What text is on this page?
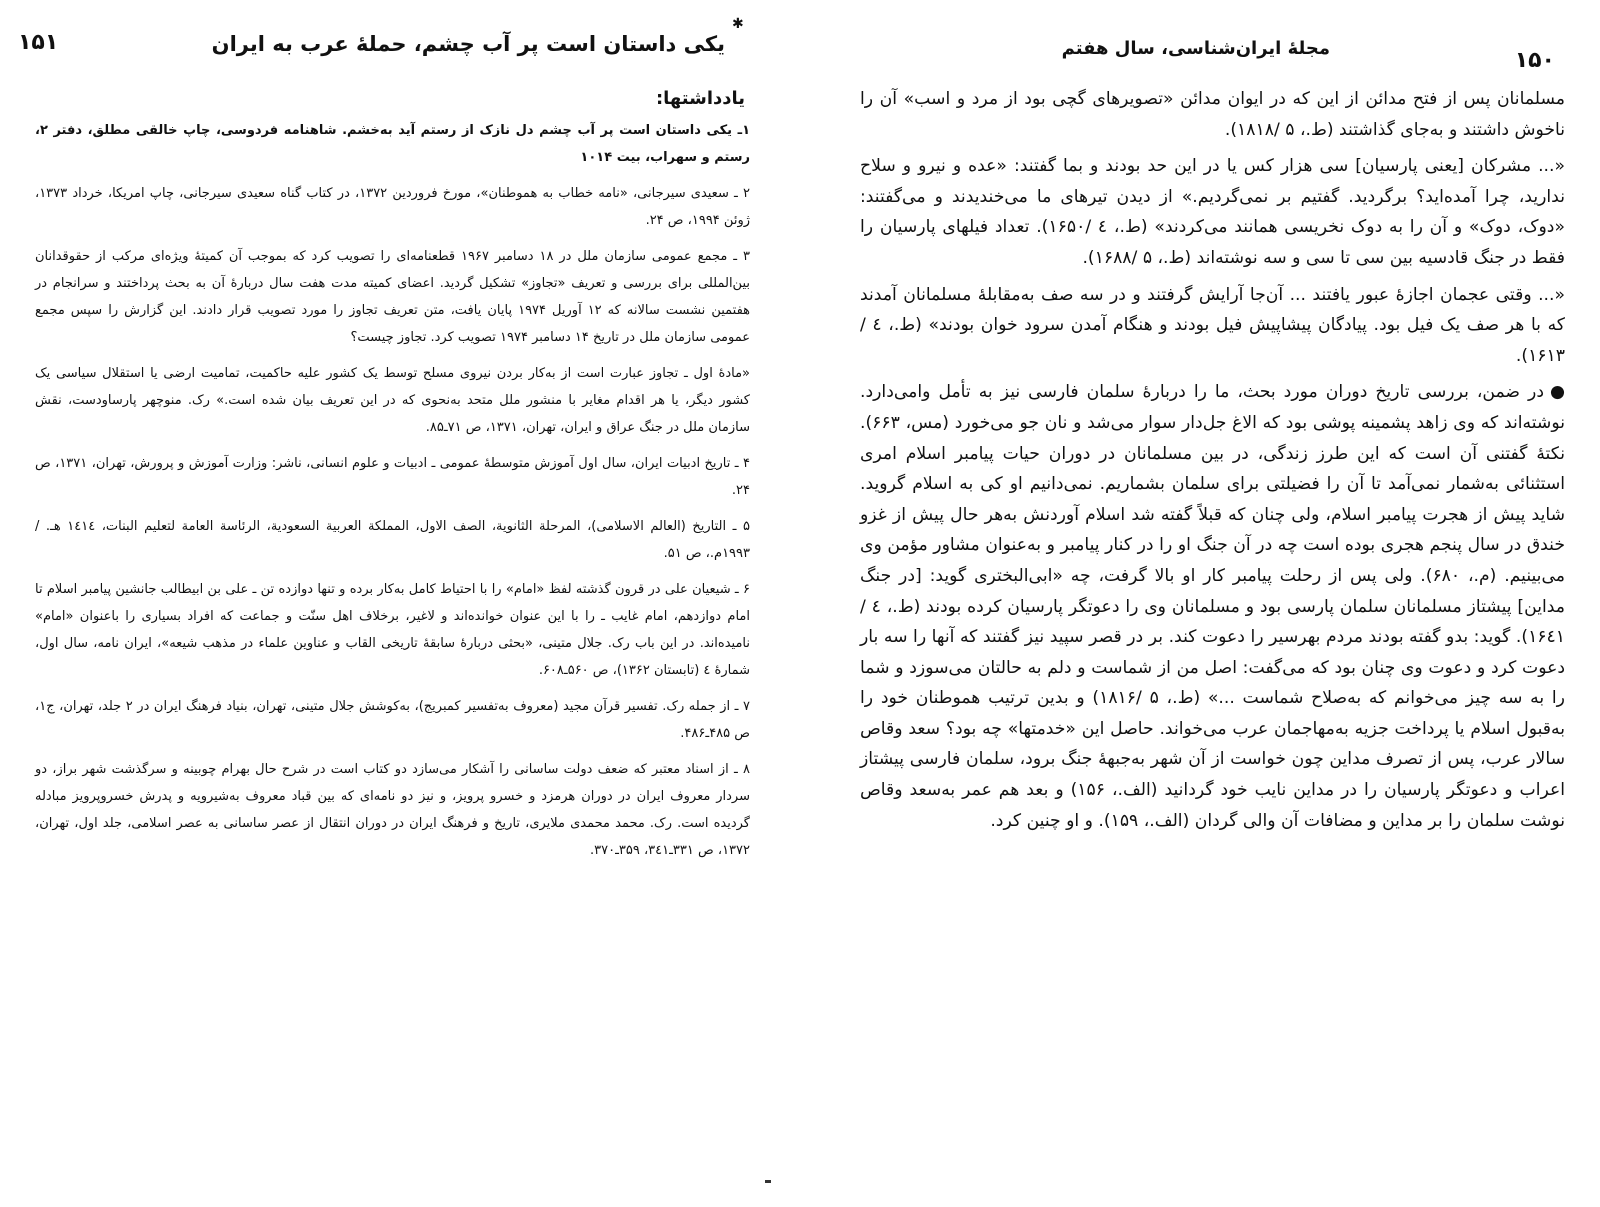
۱۵۱	یکی داستان است پر آب چشم، حملهٔ عرب به ایران
یادداشتها:

۱ـ یکی داستان است پر آب چشم دل نازک از رستم آید به‌خشم. شاهنامه فردوسی، چاپ خالقی مطلق، دفتر ۲، رستم و سهراب، بیت ۱۰۱۴

۲ ـ سعیدی سیرجانی، «نامه خطاب به هموطنان»، مورخ فروردین ۱۳۷۲، در کتاب گناه سعیدی سیرجانی، چاپ امریکا، خرداد ۱۳۷۳، ژوئن ۱۹۹۴، ص ۲۴.

۳ ـ مجمع عمومی سازمان ملل در ۱۸ دسامبر ۱۹۶۷ قطعنامه‌ای را تصویب کرد که بموجب آن کمیتهٔ ویژه‌ای مرکب از حقوقدانان بین‌المللی برای بررسی و تعریف «تجاوز» تشکیل گردید. اعضای کمیته مدت هفت سال دربارهٔ آن به بحث پرداختند و سرانجام در هفتمین نشست سالانه که ۱۲ آوریل ۱۹۷۴ پایان یافت، متن تعریف تجاوز را مورد تصویب قرار دادند. این گزارش را سپس مجمع عمومی سازمان ملل در تاریخ ۱۴ دسامبر ۱۹۷۴ تصویب کرد. تجاوز چیست؟

«مادهٔ اول ـ تجاوز عبارت است از به‌کار بردن نیروی مسلح توسط یک کشور علیه حاکمیت، تمامیت ارضی یا استقلال سیاسی یک کشور دیگر، یا هر اقدام مغایر با منشور ملل متحد به‌نحوی که در این تعریف بیان شده است.» رک. منوچهر پارساودست، نقش سازمان ملل در جنگ عراق و ایران، تهران، ۱۳۷۱، ص ۷۱ـ۸۵.

۴ ـ تاریخ ادبیات ایران، سال اول آموزش متوسطهٔ عمومی ـ ادبیات و علوم انسانی، ناشر: وزارت آموزش و پرورش، تهران، ۱۳۷۱، ص ۲۴.

۵ ـ التاریخ (العالم الاسلامی)، المرحلة الثانویة، الصف الاول، المملکة العربیة السعودیة، الرئاسة العامة لتعلیم البنات، ۱٤۱٤ هـ. / ۱۹۹۳م.، ص ۵۱.

۶ ـ شیعیان علی در قرون گذشته لفظ «امام» را با احتیاط کامل به‌کار برده و تنها دوازده تن ـ علی بن ابیطالب جانشین پیامبر اسلام تا امام دوازدهم، امام غایب ـ را با این عنوان خوانده‌اند و لاغیر، برخلاف اهل سنّت و جماعت که افراد بسیاری را باعنوان «امام» نامیده‌اند. در این باب رک. جلال متینی، «بحثی دربارهٔ سابقهٔ تاریخی القاب و عناوین علماء در مذهب شیعه»، ایران نامه، سال اول، شمارهٔ ٤ (تابستان ۱۳۶۲)، ص ۵۶۰ـ۶۰۸.

۷ ـ از جمله رک. تفسیر قرآن مجید (معروف به‌تفسیر کمبریج)، به‌کوشش جلال متینی، تهران، بنیاد فرهنگ ایران در ۲ جلد، تهران، ج۱، ص ۴۸۵ـ۴۸۶.

۸ ـ از اسناد معتبر که ضعف دولت ساسانی را آشکار می‌سازد دو کتاب است در شرح حال بهرام چوبینه و سرگذشت شهر براز، دو سردار معروف ایران در دوران هرمزد و خسرو پرویز، و نیز دو نامه‌ای که بین قباد معروف به‌شیرویه و پدرش خسروپرویز مبادله گردیده است. رک. محمد محمدی ملایری، تاریخ و فرهنگ ایران در دوران انتقال از عصر ساسانی به عصر اسلامی، جلد اول، تهران، ۱۳۷۲، ص ۳۳۱ـ۳٤۱، ۳۵۹ـ۳۷۰.

✱
۱۵۰
مجلهٔ ایران‌شناسی، سال هفتم

مسلمانان پس از فتح مدائن از این که در ایوان مدائن «تصویرهای گچی بود از مرد و اسب» آن را ناخوش داشتند و به‌جای گذاشتند (ط.، ۵ /۱۸۱۸).

«... مشرکان [یعنی پارسیان] سی هزار کس یا در این حد بودند و بما گفتند: «عده و نیرو و سلاح ندارید، چرا آمده‌اید؟ برگردید. گفتیم بر نمی‌گردیم.» از دیدن تیرهای ما می‌خندیدند و می‌گفتند: «دوک، دوک» و آن را به دوک نخریسی همانند می‌کردند» (ط.، ٤ /۱۶۵۰). تعداد فیلهای پارسیان را فقط در جنگ قادسیه بین سی تا سی و سه نوشته‌اند (ط.، ۵ /۱۶۸۸).

«... وقتی عجمان اجازهٔ عبور یافتند ... آن‌جا آرایش گرفتند و در سه صف به‌مقابلهٔ مسلمانان آمدند که با هر صف یک فیل بود. پیادگان پیشاپیش فیل بودند و هنگام آمدن سرود خوان بودند» (ط.، ٤ /۱۶۱۳).

●در ضمن، بررسی تاریخ دوران مورد بحث، ما را دربارهٔ سلمان فارسی نیز به تأمل وامی‌دارد. نوشته‌اند که وی زاهد پشمینه پوشی بود که الاغ جل‌دار سوار می‌شد و نان جو می‌خورد (مس، ۶۶۳). نکتهٔ گفتنی آن است که این طرز زندگی، در بین مسلمانان در دوران حیات پیامبر اسلام امری استثنائی به‌شمار نمی‌آمد تا آن را فضیلتی برای سلمان بشماریم. نمی‌دانیم او کی به اسلام گروید. شاید پیش از هجرت پیامبر اسلام، ولی چنان که قبلاً گفته شد اسلام آوردنش به‌هر حال پیش از غزو خندق در سال پنجم هجری بوده است چه در آن جنگ او را در کنار پیامبر و به‌عنوان مشاور مؤمن وی می‌بینیم. (م.، ۶۸۰). ولی پس از رحلت پیامبر کار او بالا گرفت، چه «ابی‌البختری گوید: [در جنگ مداین] پیشتاز مسلمانان سلمان پارسی بود و مسلمانان وی را دعوتگر پارسیان کرده بودند (ط.، ٤ /۱۶٤۱). گوید: بدو گفته بودند مردم بهرسیر را دعوت کند. بر در قصر سپید نیز گفتند که آنها را سه بار دعوت کرد و دعوت وی چنان بود که می‌گفت: اصل من از شماست و دلم به حالتان می‌سوزد و شما را به سه چیز می‌خوانم که به‌صلاح شماست ...» (ط.، ۵ /۱۸۱۶) و بدین ترتیب هموطنان خود را به‌قبول اسلام یا پرداخت جزیه به‌مهاجمان عرب می‌خواند. حاصل این «خدمتها» چه بود؟ سعد وقاص سالار عرب، پس از تصرف مداین چون خواست از آن شهر به‌جبههٔ جنگ برود، سلمان فارسی پیشتاز اعراب و دعوتگر پارسیان را در مداین نایب خود گردانید (الف.، ۱۵۶) و بعد هم عمر به‌سعد وقاص نوشت سلمان را بر مداین و مضافات آن والی گردان (الف.، ۱۵۹). و او چنین کرد.
